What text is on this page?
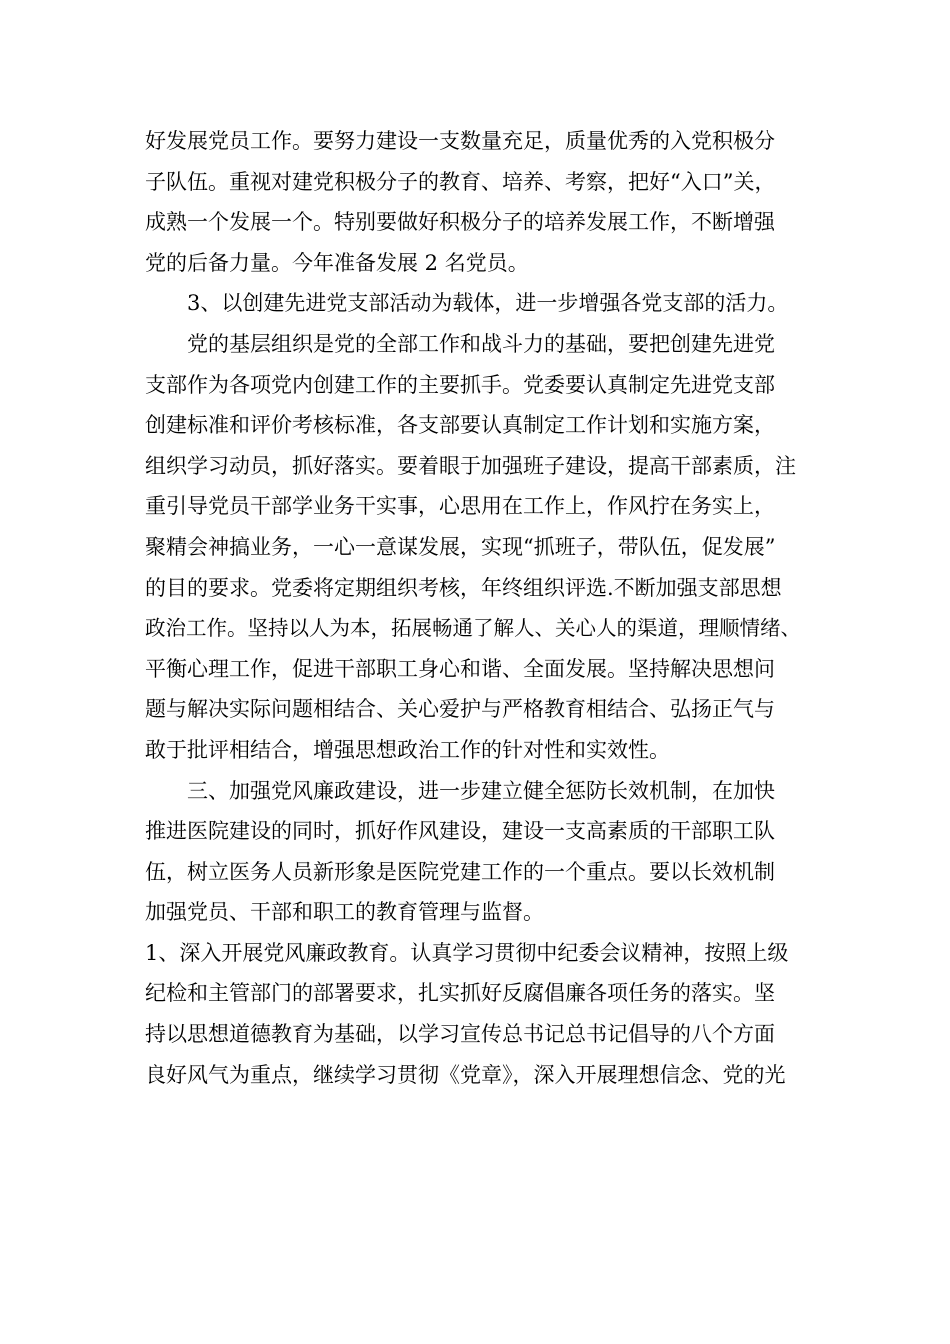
好发展党员工作。要努力建设一支数量充足，质量优秀的入党积极分
子队伍。重视对建党积极分子的教育、培养、考察，把好“入口”关，
成熟一个发展一个。特别要做好积极分子的培养发展工作，不断增强
党的后备力量。今年准备发展 2 名党员。
3、以创建先进党支部活动为载体，进一步增强各党支部的活力。
党的基层组织是党的全部工作和战斗力的基础，要把创建先进党
支部作为各项党内创建工作的主要抓手。党委要认真制定先进党支部
创建标准和评价考核标准，各支部要认真制定工作计划和实施方案，
组织学习动员，抓好落实。要着眼于加强班子建设，提高干部素质，注
重引导党员干部学业务干实事，心思用在工作上，作风拧在务实上，
聚精会神搞业务，一心一意谋发展，实现“抓班子，带队伍，促发展”
的目的要求。党委将定期组织考核，年终组织评选.不断加强支部思想
政治工作。坚持以人为本，拓展畅通了解人、关心人的渠道，理顺情绪、
平衡心理工作，促进干部职工身心和谐、全面发展。坚持解决思想问
题与解决实际问题相结合、关心爱护与严格教育相结合、弘扬正气与
敢于批评相结合，增强思想政治工作的针对性和实效性。
三、加强党风廉政建设，进一步建立健全惩防长效机制，在加快
推进医院建设的同时，抓好作风建设，建设一支高素质的干部职工队
伍，树立医务人员新形象是医院党建工作的一个重点。要以长效机制
加强党员、干部和职工的教育管理与监督。
1、深入开展党风廉政教育。认真学习贯彻中纪委会议精神，按照上级
纪检和主管部门的部署要求，扎实抓好反腐倡廉各项任务的落实。坚
持以思想道德教育为基础，以学习宣传总书记总书记倡导的八个方面
良好风气为重点，继续学习贯彻《党章》，深入开展理想信念、党的光
